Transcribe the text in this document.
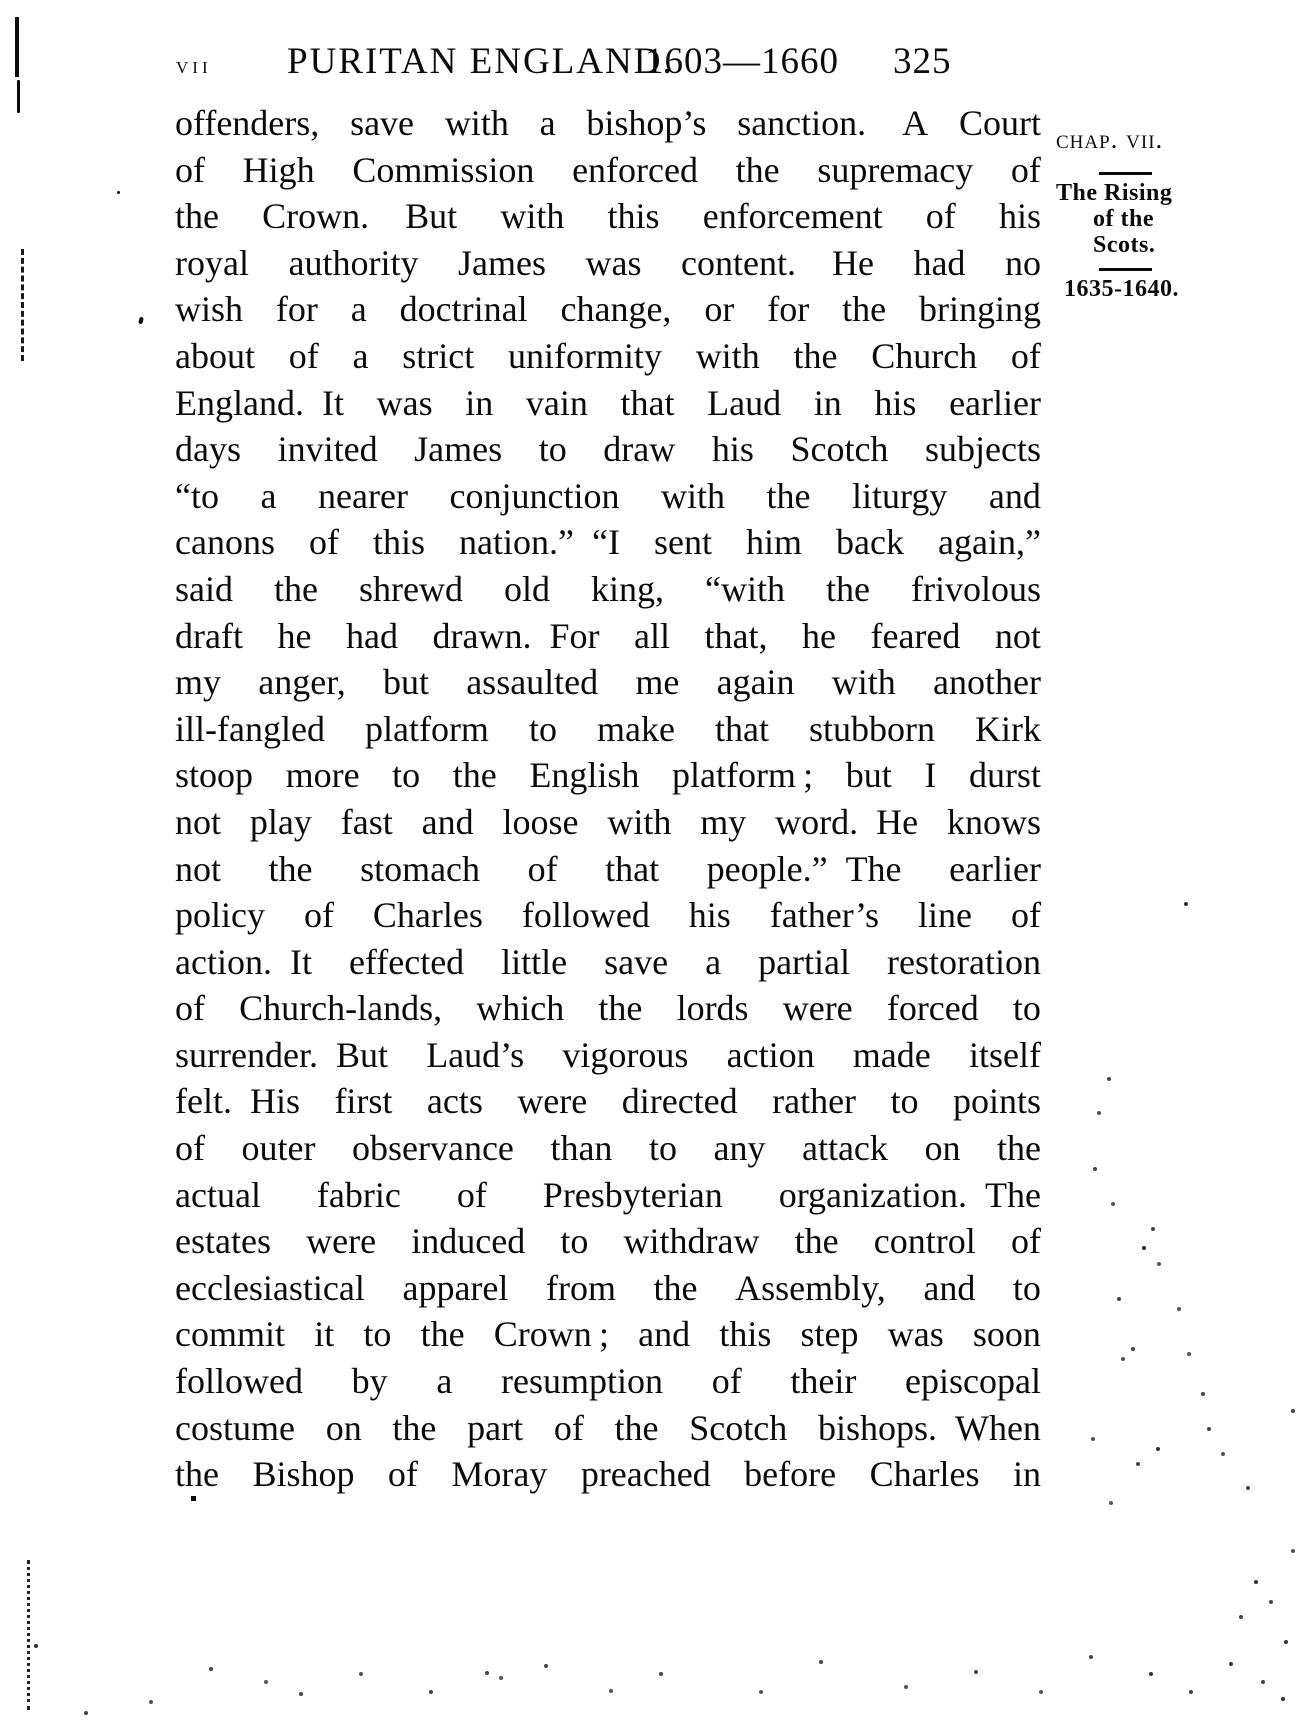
vii PURITAN ENGLAND.
1603—1660 325
offenders, save with a bishop’s sanction.  A Court
of High Commission enforced the supremacy of
the Crown.  But with this enforcement of his
royal authority James was content.  He had no
wish for a doctrinal change, or for the bringing
about of a strict uniformity with the Church of
England. It was in vain that Laud in his earlier
days invited James to draw his Scotch subjects
“to a nearer conjunction with the liturgy and
canons of this nation.” “I sent him back again,”
said the shrewd old king, “with the frivolous
draft he had drawn. For all that, he feared not
my anger, but assaulted me again with another
ill-fangled platform to make that stubborn Kirk
stoop more to the English platform ; but I durst
not play fast and loose with my word. He knows
not the stomach of that people.” The earlier
policy of Charles followed his father’s line of
action. It effected little save a partial restoration
of Church-lands, which the lords were forced to
surrender. But Laud’s vigorous action made itself
felt. His first acts were directed rather to points
of outer observance than to any attack on the
actual fabric of Presbyterian organization. The
estates were induced to withdraw the control of
ecclesiastical apparel from the Assembly, and to
commit it to the Crown ; and this step was soon
followed by a resumption of their episcopal
costume on the part of the Scotch bishops. When
the Bishop of Moray preached before Charles in
chap. vii.
The Rising
of the
Scots.
1635-1640.
